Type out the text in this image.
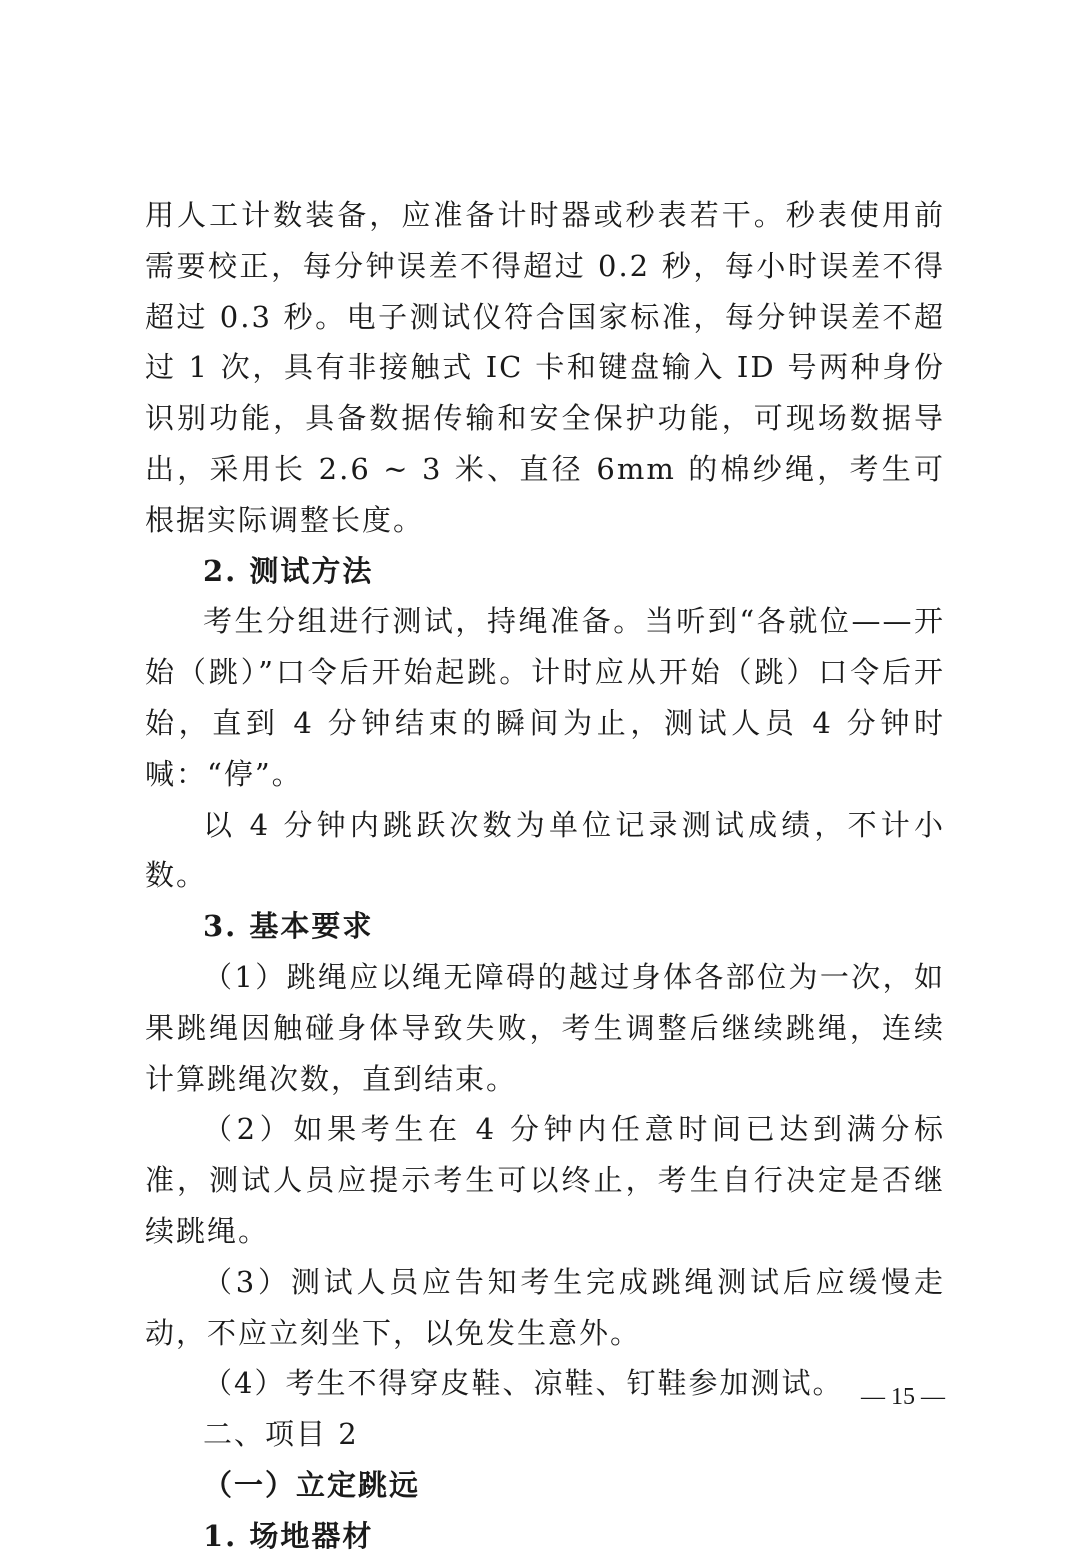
用人工计数装备，应准备计时器或秒表若干。秒表使用前需要校正，每分钟误差不得超过 0.2 秒，每小时误差不得超过 0.3 秒。电子测试仪符合国家标准，每分钟误差不超过 1 次，具有非接触式 IC 卡和键盘输入 ID 号两种身份识别功能，具备数据传输和安全保护功能，可现场数据导出，采用长 2.6 ~ 3 米、直径 6mm 的棉纱绳，考生可根据实际调整长度。

2. 测试方法

考生分组进行测试，持绳准备。当听到“各就位——开始（跳）”口令后开始起跳。计时应从开始（跳）口令后开始，直到 4 分钟结束的瞬间为止，测试人员 4 分钟时喊：“停”。

以 4 分钟内跳跃次数为单位记录测试成绩，不计小数。

3. 基本要求

（1）跳绳应以绳无障碍的越过身体各部位为一次，如果跳绳因触碰身体导致失败，考生调整后继续跳绳，连续计算跳绳次数，直到结束。

（2）如果考生在 4 分钟内任意时间已达到满分标准，测试人员应提示考生可以终止，考生自行决定是否继续跳绳。

（3）测试人员应告知考生完成跳绳测试后应缓慢走动，不应立刻坐下，以免发生意外。

（4）考生不得穿皮鞋、凉鞋、钉鞋参加测试。

二、项目 2

（一）立定跳远

1. 场地器材

— 15 —
